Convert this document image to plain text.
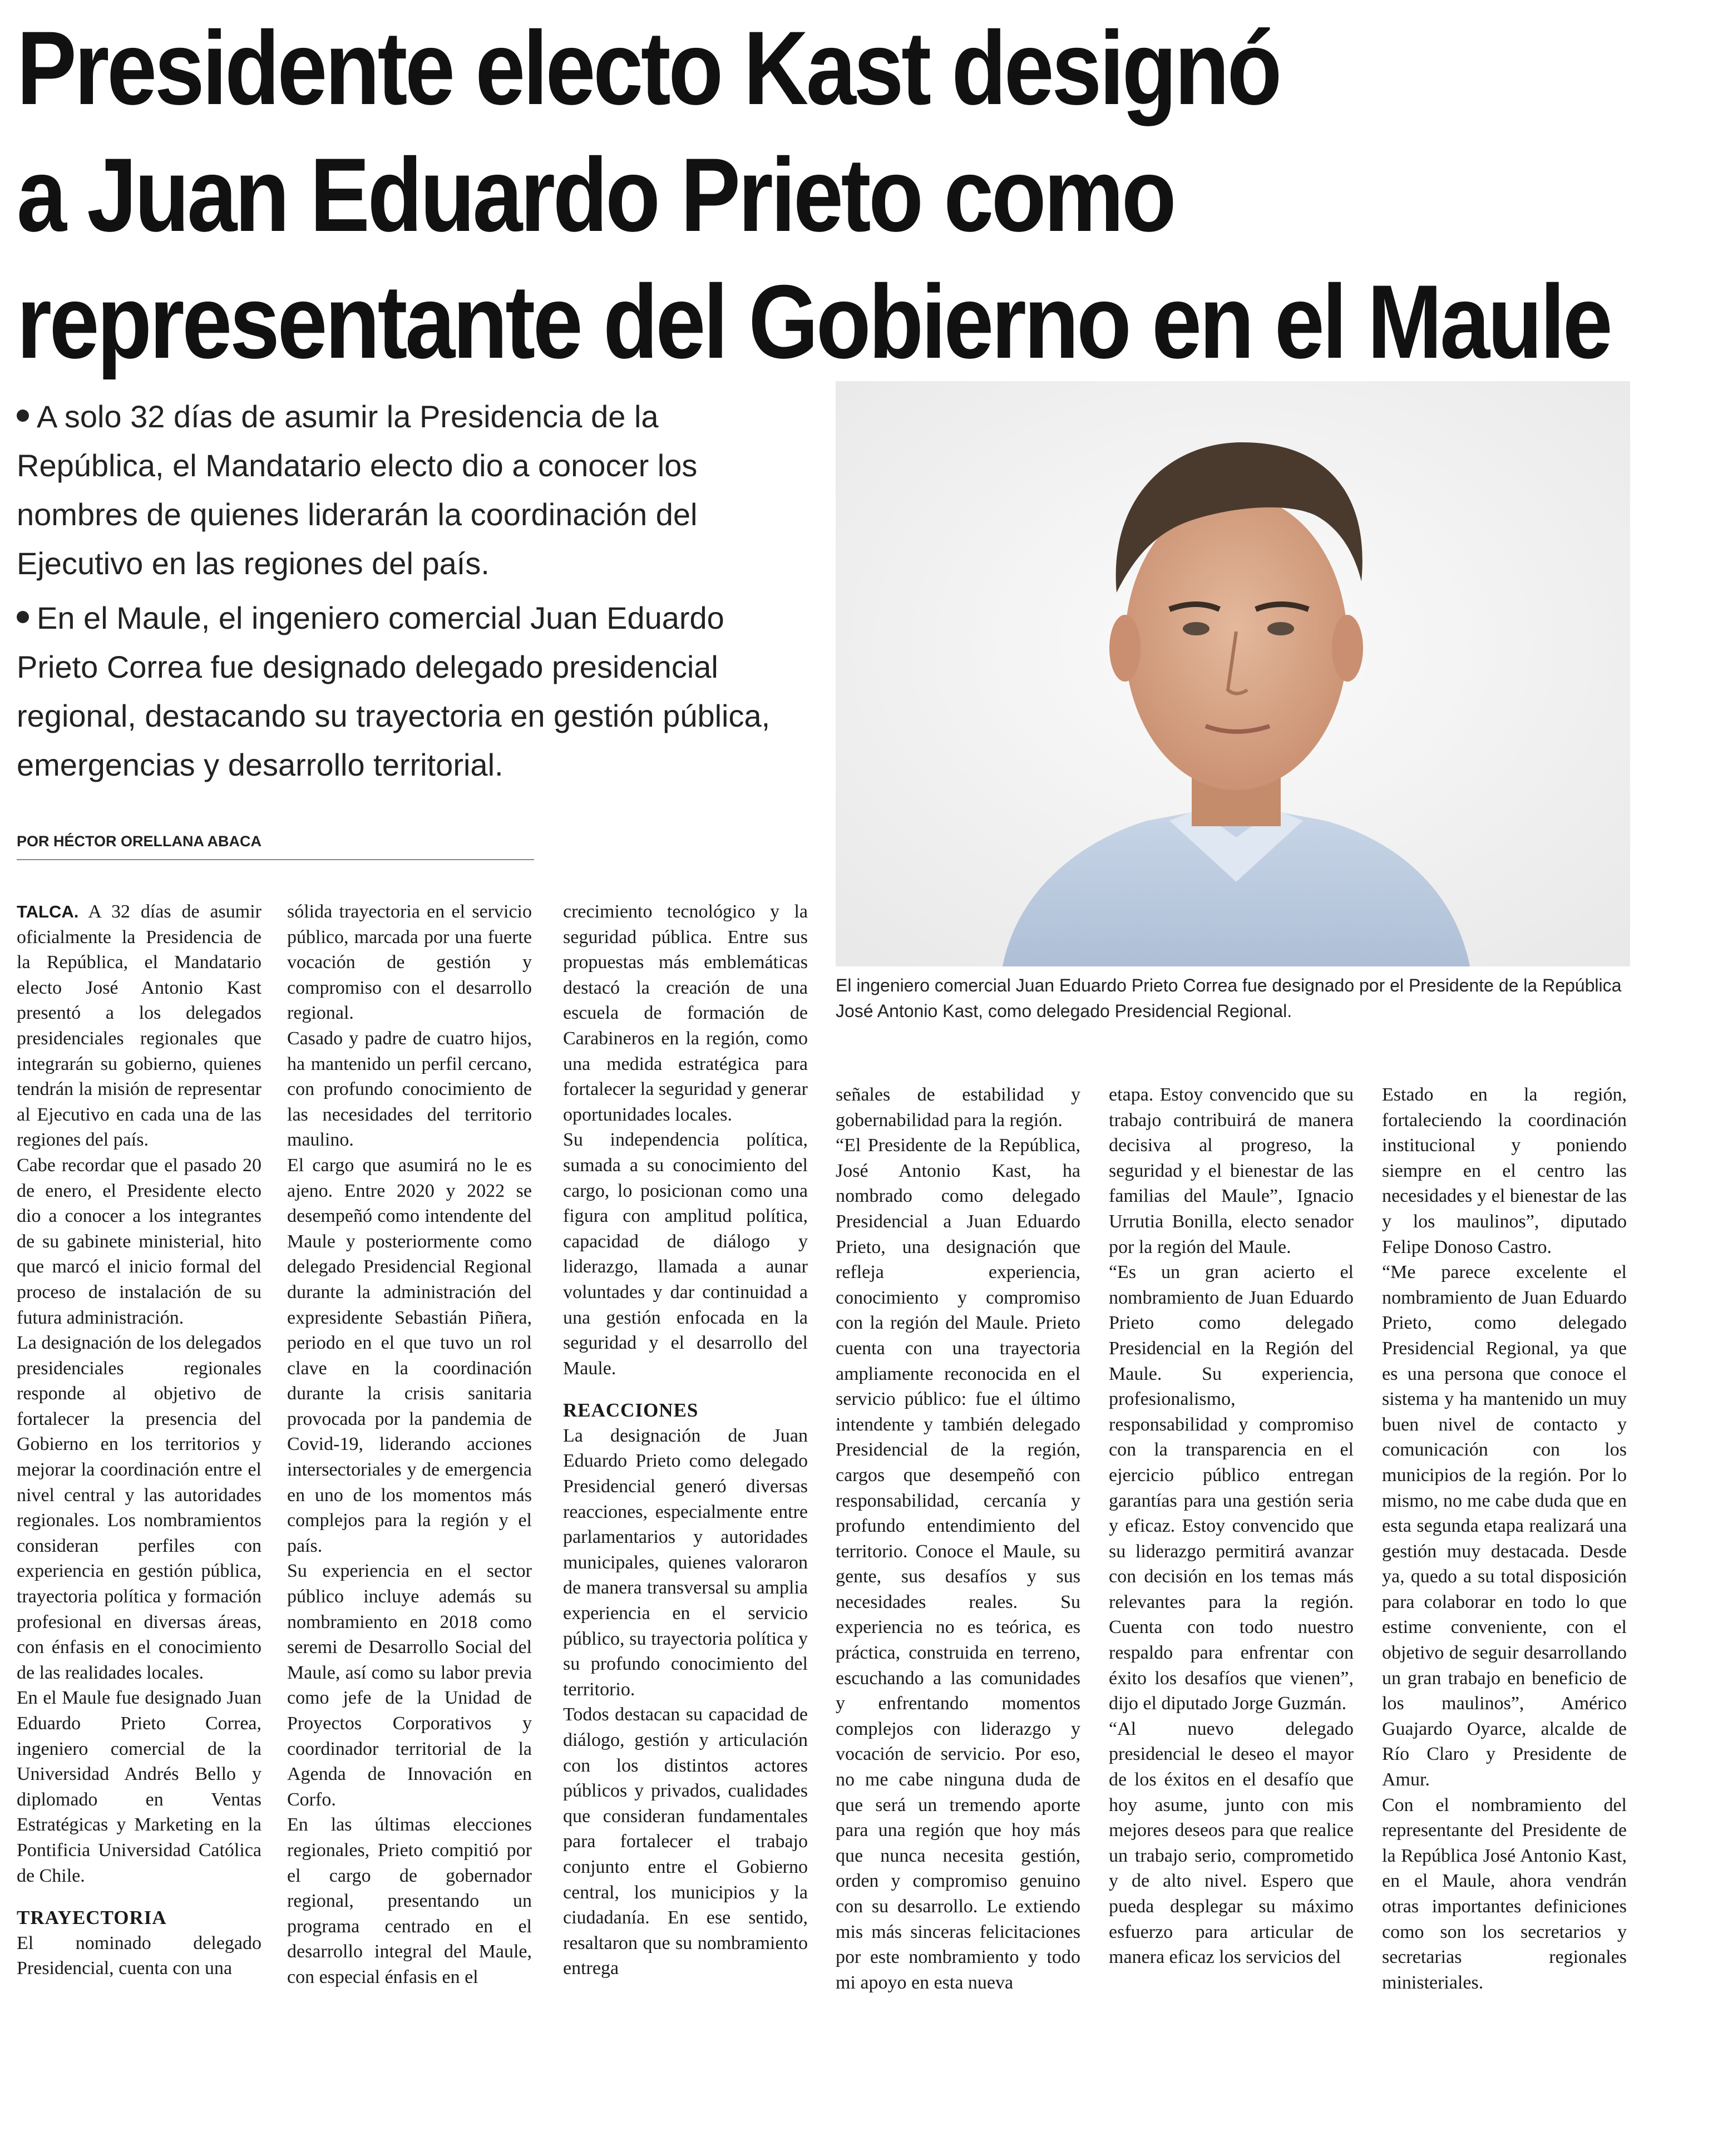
Presidente electo Kast designó
a Juan Eduardo Prieto como
representante del Gobierno en el Maule

A solo 32 días de asumir la Presidencia de la República, el Mandatario electo dio a conocer los nombres de quienes liderarán la coordinación del Ejecutivo en las regiones del país.

En el Maule, el ingeniero comercial Juan Eduardo Prieto Correa fue designado delegado presidencial regional, destacando su trayectoria en gestión pública, emergencias y desarrollo territorial.

POR HÉCTOR ORELLANA ABACA
El ingeniero comercial Juan Eduardo Prieto Correa fue designado por el Presidente de la República José Antonio Kast, como delegado Presidencial Regional.

TALCA. A 32 días de asumir oficialmente la Presidencia de la República, el Mandatario electo José Antonio Kast presentó a los delegados presidenciales regionales que integrarán su gobierno, quienes tendrán la misión de representar al Ejecutivo en cada una de las regiones del país.

Cabe recordar que el pasado 20 de enero, el Presidente electo dio a conocer a los integrantes de su gabinete ministerial, hito que marcó el inicio formal del proceso de instalación de su futura administración.

La designación de los delegados presidenciales regionales responde al objetivo de fortalecer la presencia del Gobierno en los territorios y mejorar la coordinación entre el nivel central y las autoridades regionales. Los nombramientos consideran perfiles con experiencia en gestión pública, trayectoria política y formación profesional en diversas áreas, con énfasis en el conocimiento de las realidades locales.

En el Maule fue designado Juan Eduardo Prieto Correa, ingeniero comercial de la Universidad Andrés Bello y diplomado en Ventas Estratégicas y Marketing en la Pontificia Universidad Católica de Chile.

TRAYECTORIA

El nominado delegado Presidencial, cuenta con una

sólida trayectoria en el servicio público, marcada por una fuerte vocación de gestión y compromiso con el desarrollo regional.

Casado y padre de cuatro hijos, ha mantenido un perfil cercano, con profundo conocimiento de las necesidades del territorio maulino.

El cargo que asumirá no le es ajeno. Entre 2020 y 2022 se desempeñó como intendente del Maule y posteriormente como delegado Presidencial Regional durante la administración del expresidente Sebastián Piñera, periodo en el que tuvo un rol clave en la coordinación durante la crisis sanitaria provocada por la pandemia de Covid-19, liderando acciones intersectoriales y de emergencia en uno de los momentos más complejos para la región y el país.

Su experiencia en el sector público incluye además su nombramiento en 2018 como seremi de Desarrollo Social del Maule, así como su labor previa como jefe de la Unidad de Proyectos Corporativos y coordinador territorial de la Agenda de Innovación en Corfo.

En las últimas elecciones regionales, Prieto compitió por el cargo de gobernador regional, presentando un programa centrado en el desarrollo integral del Maule, con especial énfasis en el

crecimiento tecnológico y la seguridad pública. Entre sus propuestas más emblemáticas destacó la creación de una escuela de formación de Carabineros en la región, como una medida estratégica para fortalecer la seguridad y generar oportunidades locales.

Su independencia política, sumada a su conocimiento del cargo, lo posicionan como una figura con amplitud política, capacidad de diálogo y liderazgo, llamada a aunar voluntades y dar continuidad a una gestión enfocada en la seguridad y el desarrollo del Maule.

REACCIONES

La designación de Juan Eduardo Prieto como delegado Presidencial generó diversas reacciones, especialmente entre parlamentarios y autoridades municipales, quienes valoraron de manera transversal su amplia experiencia en el servicio público, su trayectoria política y su profundo conocimiento del territorio.

Todos destacan su capacidad de diálogo, gestión y articulación con los distintos actores públicos y privados, cualidades que consideran fundamentales para fortalecer el trabajo conjunto entre el Gobierno central, los municipios y la ciudadanía. En ese sentido, resaltaron que su nombramiento entrega

señales de estabilidad y gobernabilidad para la región.

“El Presidente de la República, José Antonio Kast, ha nombrado como delegado Presidencial a Juan Eduardo Prieto, una designación que refleja experiencia, conocimiento y compromiso con la región del Maule. Prieto cuenta con una trayectoria ampliamente reconocida en el servicio público: fue el último intendente y también delegado Presidencial de la región, cargos que desempeñó con responsabilidad, cercanía y profundo entendimiento del territorio. Conoce el Maule, su gente, sus desafíos y sus necesidades reales. Su experiencia no es teórica, es práctica, construida en terreno, escuchando a las comunidades y enfrentando momentos complejos con liderazgo y vocación de servicio. Por eso, no me cabe ninguna duda de que será un tremendo aporte para una región que hoy más que nunca necesita gestión, orden y compromiso genuino con su desarrollo. Le extiendo mis más sinceras felicitaciones por este nombramiento y todo mi apoyo en esta nueva

etapa. Estoy convencido que su trabajo contribuirá de manera decisiva al progreso, la seguridad y el bienestar de las familias del Maule”, Ignacio Urrutia Bonilla, electo senador por la región del Maule.

“Es un gran acierto el nombramiento de Juan Eduardo Prieto como delegado Presidencial en la Región del Maule. Su experiencia, profesionalismo, responsabilidad y compromiso con la transparencia en el ejercicio público entregan garantías para una gestión seria y eficaz. Estoy convencido que su liderazgo permitirá avanzar con decisión en los temas más relevantes para la región. Cuenta con todo nuestro respaldo para enfrentar con éxito los desafíos que vienen”, dijo el diputado Jorge Guzmán.

“Al nuevo delegado presidencial le deseo el mayor de los éxitos en el desafío que hoy asume, junto con mis mejores deseos para que realice un trabajo serio, comprometido y de alto nivel. Espero que pueda desplegar su máximo esfuerzo para articular de manera eficaz los servicios del

Estado en la región, fortaleciendo la coordinación institucional y poniendo siempre en el centro las necesidades y el bienestar de las y los maulinos”, diputado Felipe Donoso Castro.

“Me parece excelente el nombramiento de Juan Eduardo Prieto, como delegado Presidencial Regional, ya que es una persona que conoce el sistema y ha mantenido un muy buen nivel de contacto y comunicación con los municipios de la región. Por lo mismo, no me cabe duda que en esta segunda etapa realizará una gestión muy destacada. Desde ya, quedo a su total disposición para colaborar en todo lo que estime conveniente, con el objetivo de seguir desarrollando un gran trabajo en beneficio de los maulinos”, Américo Guajardo Oyarce, alcalde de Río Claro y Presidente de Amur.

Con el nombramiento del representante del Presidente de la República José Antonio Kast, en el Maule, ahora vendrán otras importantes definiciones como son los secretarios y secretarias regionales ministeriales.
